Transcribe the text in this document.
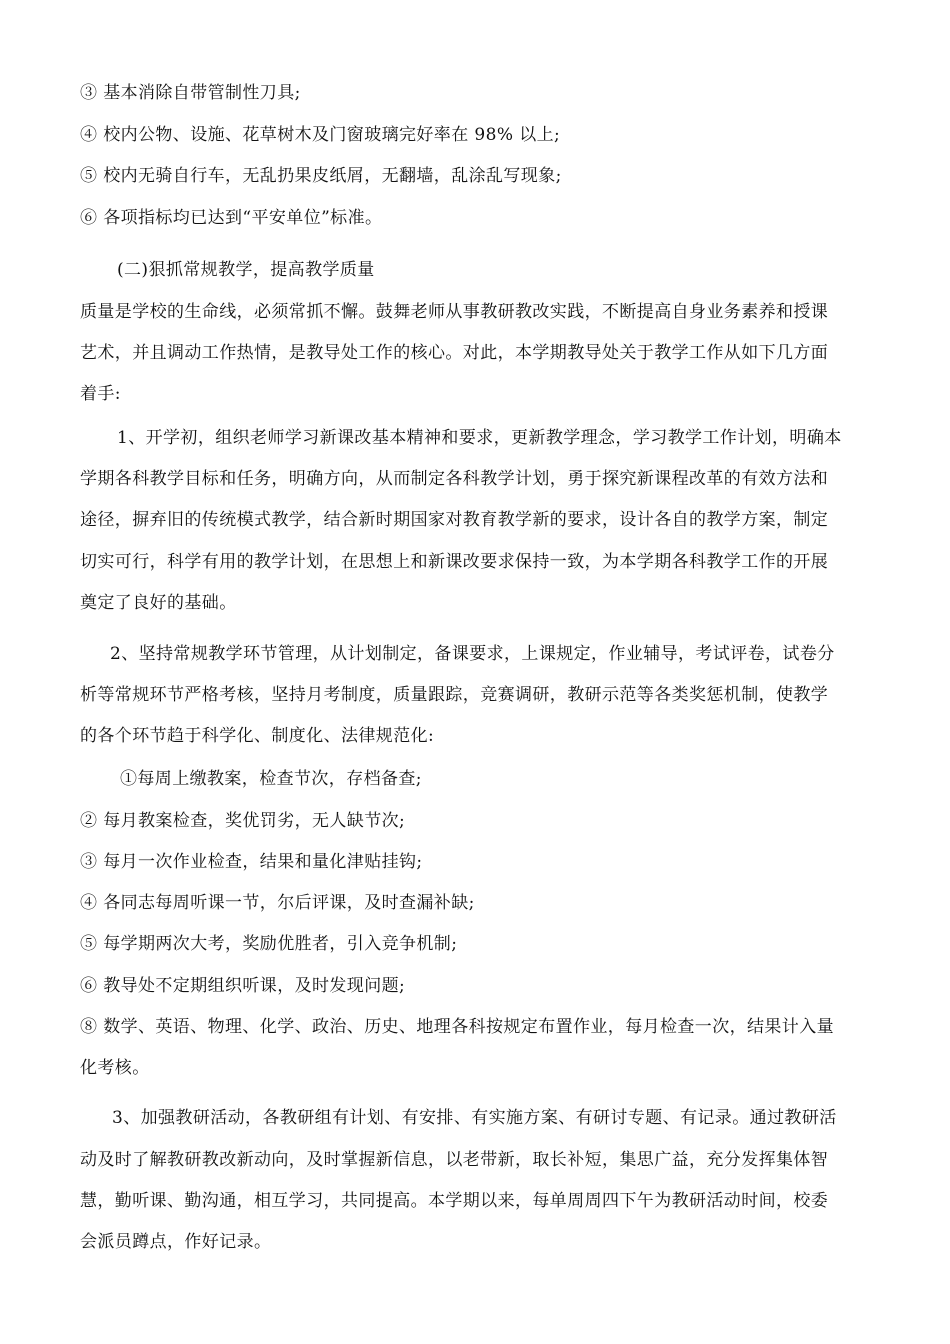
③ 基本消除自带管制性刀具;
④ 校内公物、设施、花草树木及门窗玻璃完好率在 98% 以上;
⑤ 校内无骑自行车，无乱扔果皮纸屑，无翻墙，乱涂乱写现象;
⑥ 各项指标均已达到“平安单位”标准。
(二)狠抓常规教学，提高教学质量
质量是学校的生命线，必须常抓不懈。鼓舞老师从事教研教改实践，不断提高自身业务素养和授课
艺术，并且调动工作热情，是教导处工作的核心。对此，本学期教导处关于教学工作从如下几方面
着手:
1、开学初，组织老师学习新课改基本精神和要求，更新教学理念，学习教学工作计划，明确本
学期各科教学目标和任务，明确方向，从而制定各科教学计划，勇于探究新课程改革的有效方法和
途径，摒弃旧的传统模式教学，结合新时期国家对教育教学新的要求，设计各自的教学方案，制定
切实可行，科学有用的教学计划，在思想上和新课改要求保持一致，为本学期各科教学工作的开展
奠定了良好的基础。
2、坚持常规教学环节管理，从计划制定，备课要求，上课规定，作业辅导，考试评卷，试卷分
析等常规环节严格考核，坚持月考制度，质量跟踪，竞赛调研，教研示范等各类奖惩机制，使教学
的各个环节趋于科学化、制度化、法律规范化:
①每周上缴教案，检查节次，存档备查;
② 每月教案检查，奖优罚劣，无人缺节次;
③ 每月一次作业检查，结果和量化津贴挂钩;
④ 各同志每周听课一节，尔后评课，及时查漏补缺;
⑤ 每学期两次大考，奖励优胜者，引入竞争机制;
⑥ 教导处不定期组织听课，及时发现问题;
⑧ 数学、英语、物理、化学、政治、历史、地理各科按规定布置作业，每月检查一次，结果计入量
化考核。
3、加强教研活动，各教研组有计划、有安排、有实施方案、有研讨专题、有记录。通过教研活
动及时了解教研教改新动向，及时掌握新信息，以老带新，取长补短，集思广益，充分发挥集体智
慧，勤听课、勤沟通，相互学习，共同提高。本学期以来，每单周周四下午为教研活动时间，校委
会派员蹲点，作好记录。
